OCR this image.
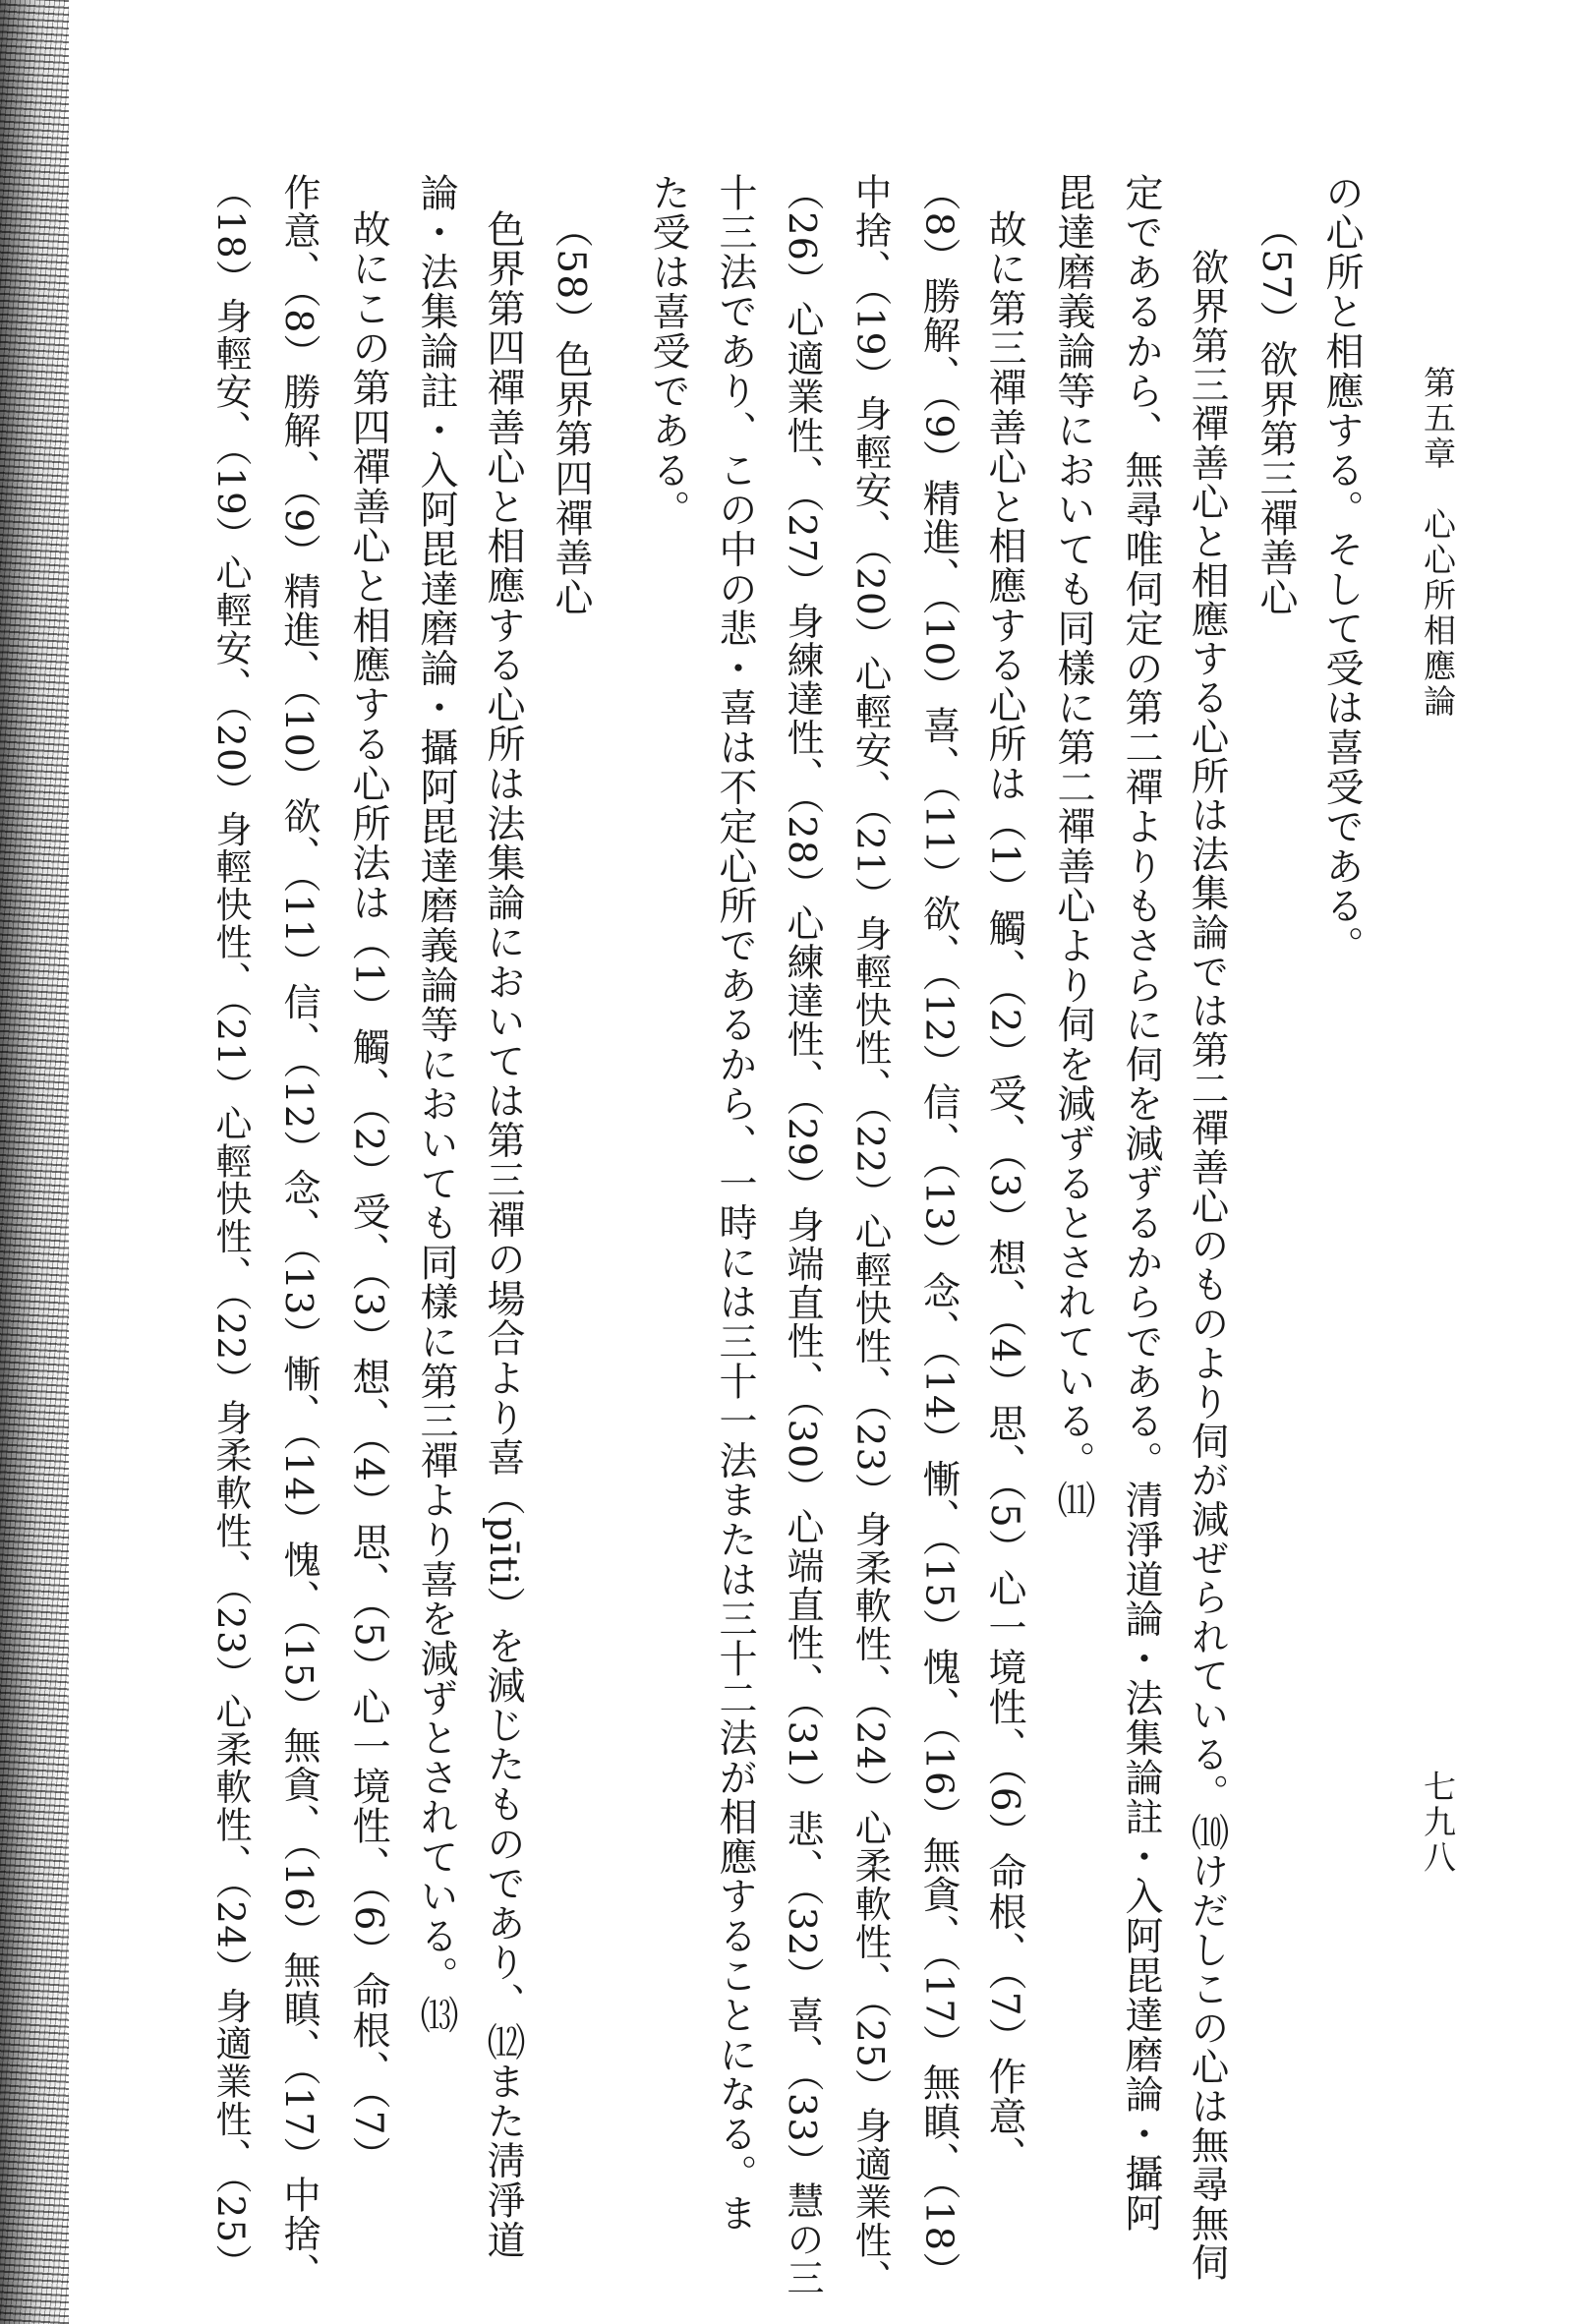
第五章　心心所相應論
七九八
の心所と相應する。そして受は喜受である。
（57）欲界第三禪善心
欲界第三禪善心と相應する心所は法集論では第二禪善心のものより伺が減ぜられている。⑽けだしこの心は無尋無伺
定であるから、無尋唯伺定の第二禪よりもさらに伺を減ずるからである。清淨道論・法集論註・入阿毘達磨論・攝阿
毘達磨義論等においても同樣に第二禪善心より伺を減ずるとされている。⑾
故に第三禪善心と相應する心所は（1）觸、（2）受、（3）想、（4）思、（5）心一境性、（6）命根、（7）作意、
（8）勝解、（9）精進、（10）喜、（11）欲、（12）信、（13）念、（14）慚、（15）愧、（16）無貪、（17）無瞋、（18）
中捨、（19）身輕安、（20）心輕安、（21）身輕快性、（22）心輕快性、（23）身柔軟性、（24）心柔軟性、（25）身適業性、
（26）心適業性、（27）身練達性、（28）心練達性、（29）身端直性、（30）心端直性、（31）悲、（32）喜、（33）慧の三
十三法であり、この中の悲・喜は不定心所であるから、一時には三十一法または三十二法が相應することになる。ま
た受は喜受である。
（58）色界第四禪善心
色界第四禪善心と相應する心所は法集論においては第三禪の場合より喜（pīti）を減じたものであり、⑿また淸淨道
論・法集論註・入阿毘達磨論・攝阿毘達磨義論等においても同樣に第三禪より喜を減ずとされている。⒀
故にこの第四禪善心と相應する心所法は（1）觸、（2）受、（3）想、（4）思、（5）心一境性、（6）命根、（7）
作意、（8）勝解、（9）精進、（10）欲、（11）信、（12）念、（13）慚、（14）愧、（15）無貪、（16）無瞋、（17）中捨、
（18）身輕安、（19）心輕安、（20）身輕快性、（21）心輕快性、（22）身柔軟性、（23）心柔軟性、（24）身適業性、（25）
